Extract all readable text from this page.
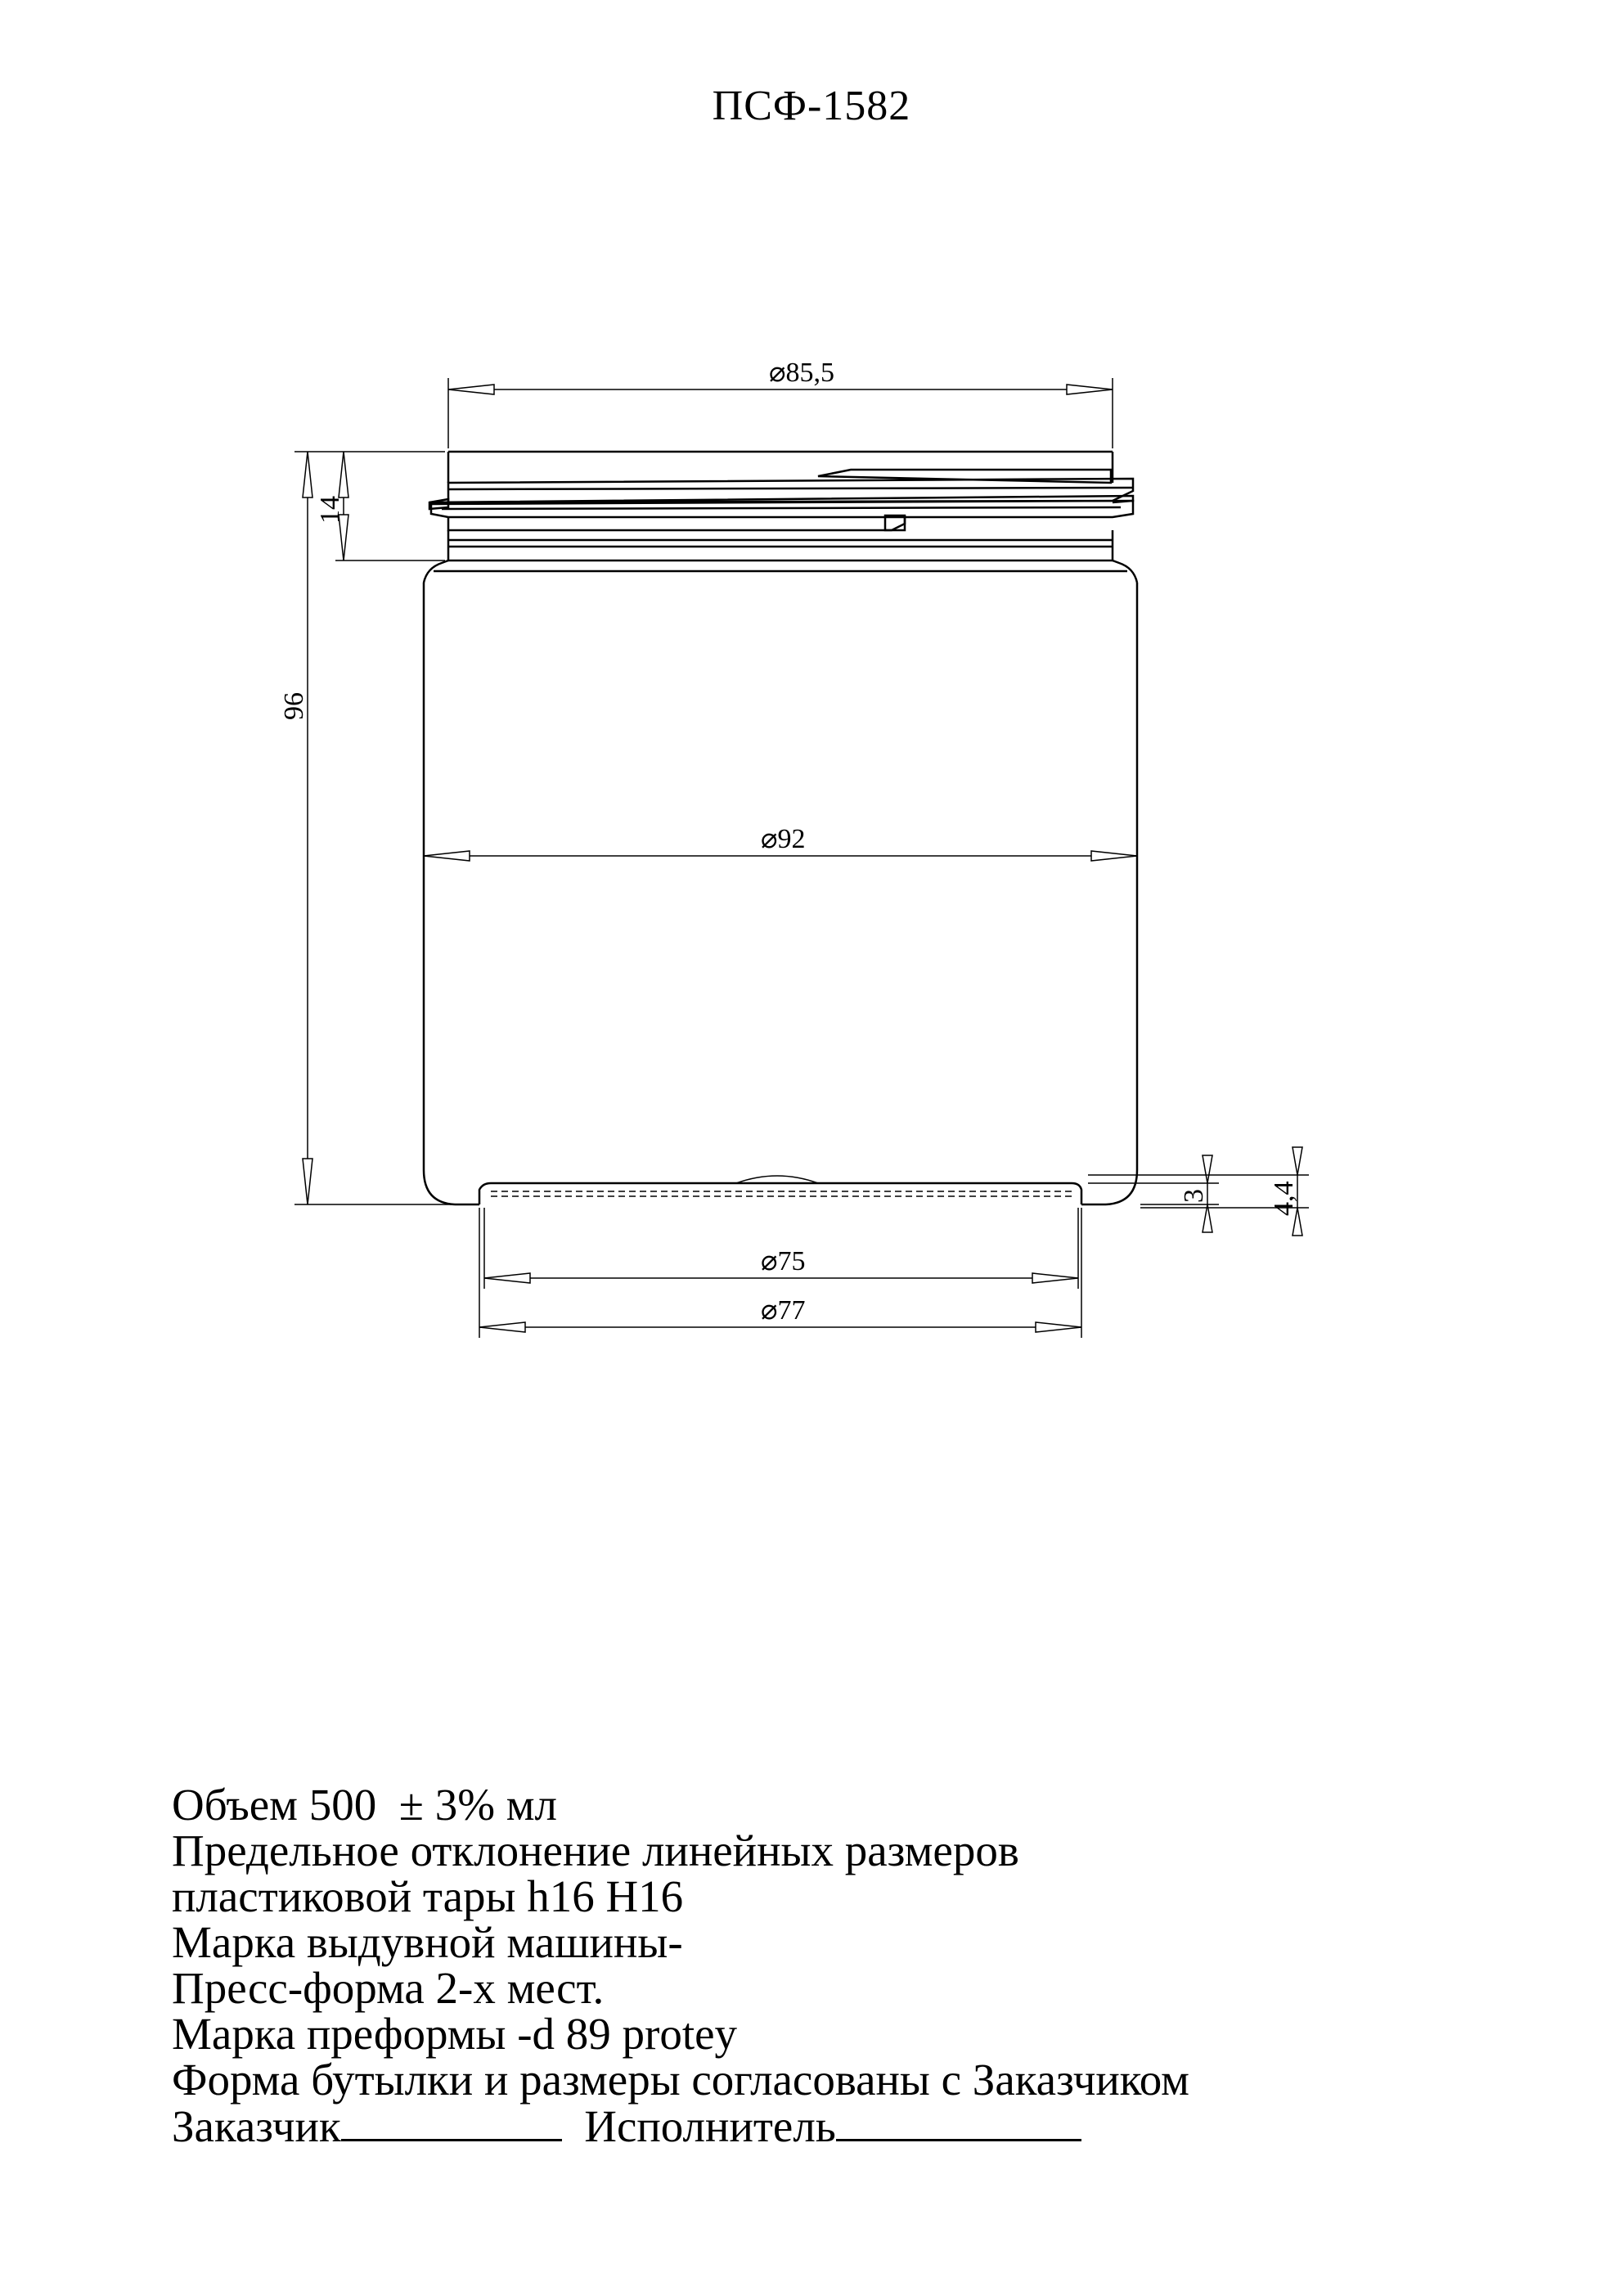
ПСФ-1582
⌀85,5
⌀92
⌀75
⌀77
96
14
3 4,4
Объем 500 ± 3% мл
Предельное отклонение линейных размеров
пластиковой тары h16 H16
Марка выдувной машины-
Пресс-форма 2-х мест.
Марка преформы -d 89 protey
Форма бутылки и размеры согласованы с Заказчиком
Заказчик	Исполнитель
